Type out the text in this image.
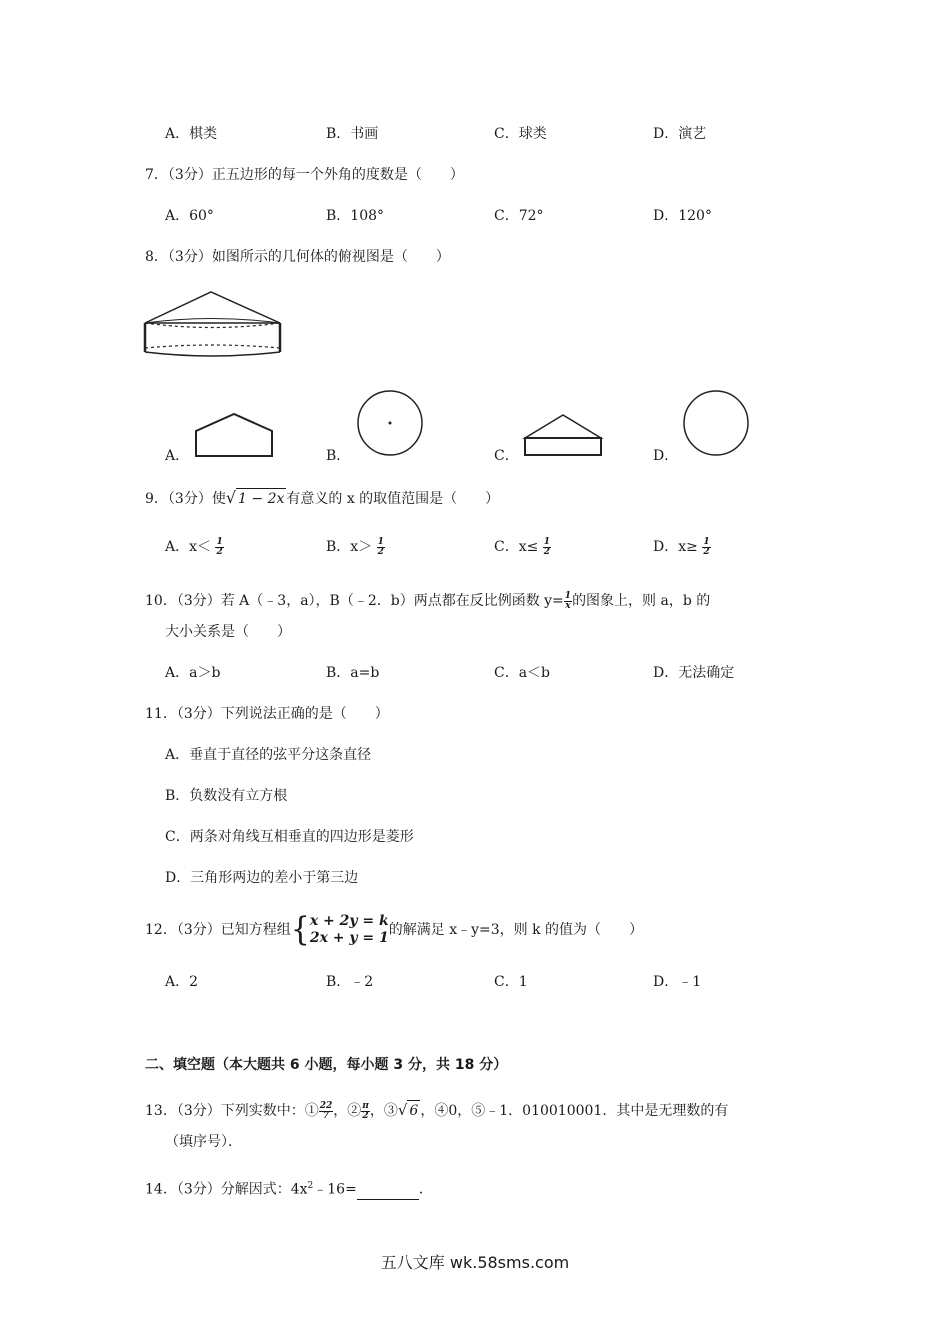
A．棋类	B．书画	C．球类	D．演艺
7．（3分）正五边形的每一个外角的度数是（　　）
A．60°	B．108°	C．72°	D．120°
8．（3分）如图所示的几何体的俯视图是（　　）
A．	B．	C．	D．
9．（3分）使√ 1 − 2x 有意义的 x 的取值范围是（　　）
A．$x< \frac{1}{2}$	B．$x> \frac{1}{2}$	C．$x\le \frac{1}{2}$	D．$x\ge \frac{1}{2}$
10．（3分）若 A（﹣3，a），B（﹣2．b）两点都在反比例函数 $y= \frac{1}{x}$ 的图象上，则 a，b 的
大小关系是（　　）
A．a＞b	B．a=b	C．a＜b	D．无法确定
11．（3分）下列说法正确的是（　　）
A．垂直于直径的弦平分这条直径
B．负数没有立方根
C．两条对角线互相垂直的四边形是菱形
D．三角形两边的差小于第三边
12．（3分）已知方程组{x + 2y = k
2x + y = 1的解满足 x﹣y=3，则 k 的值为（　　）
A．2	B．﹣2	C．1	D．﹣1
二、填空题（本大题共 6 小题，每小题 3 分，共 18 分）
13．（3分）下列实数中：① $\frac{22}{7}$ ，② $\frac{\pi}{2}$ ，③√ 6 ，④0，⑤﹣1．010010001．其中是无理数的有
（填序号）．
14．（3分）分解因式：$4x^2﹣16=$	．
五八文库 wk.58sms.com
